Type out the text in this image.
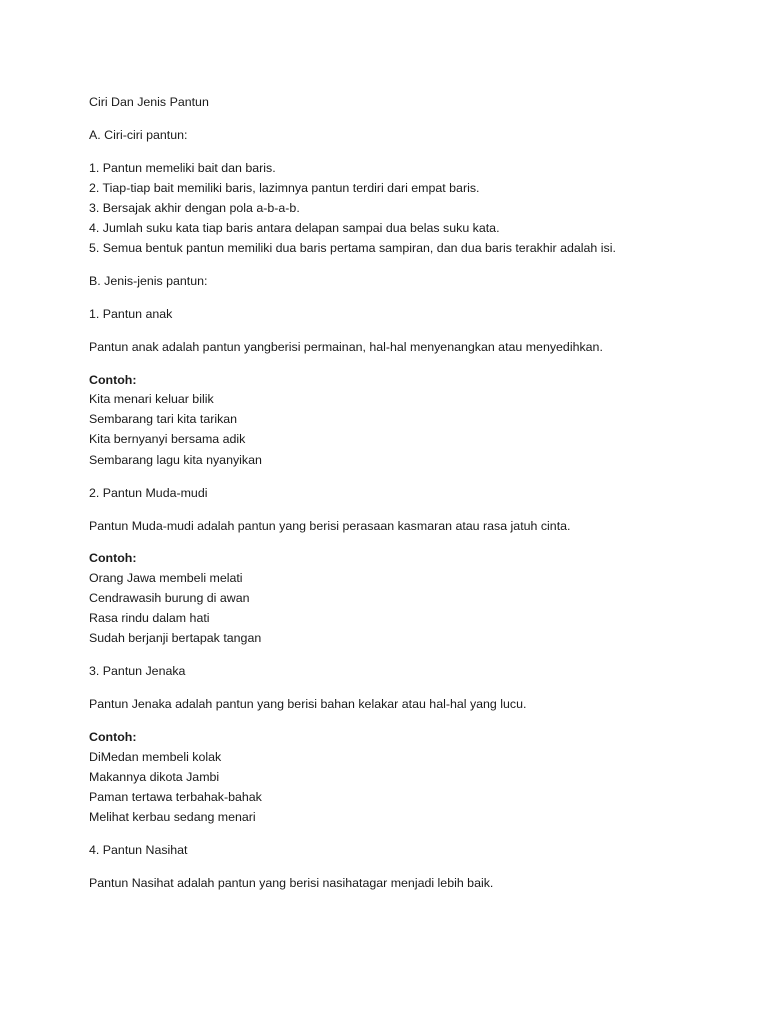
Ciri Dan Jenis Pantun
A. Ciri-ciri pantun:
1. Pantun memeliki bait dan baris.
2. Tiap-tiap bait memiliki baris, lazimnya pantun terdiri dari empat baris.
3. Bersajak akhir dengan pola a-b-a-b.
4. Jumlah suku kata tiap baris antara delapan sampai dua belas suku kata.
5. Semua bentuk pantun memiliki dua baris pertama sampiran, dan dua baris terakhir adalah isi.
B. Jenis-jenis pantun:
1. Pantun anak
Pantun anak adalah pantun yangberisi permainan, hal-hal menyenangkan atau menyedihkan.
Contoh:
Kita menari keluar bilik
Sembarang tari kita tarikan
Kita bernyanyi bersama adik
Sembarang lagu kita nyanyikan
2. Pantun Muda-mudi
Pantun Muda-mudi adalah pantun yang berisi perasaan kasmaran atau rasa jatuh cinta.
Contoh:
Orang Jawa membeli melati
Cendrawasih burung di awan
Rasa rindu dalam hati
Sudah berjanji bertapak tangan
3. Pantun Jenaka
Pantun Jenaka adalah pantun yang berisi bahan kelakar atau hal-hal yang lucu.
Contoh:
DiMedan membeli kolak
Makannya dikota Jambi
Paman tertawa terbahak-bahak
Melihat kerbau sedang menari
4. Pantun Nasihat
Pantun Nasihat adalah pantun yang berisi nasihatagar menjadi lebih baik.
